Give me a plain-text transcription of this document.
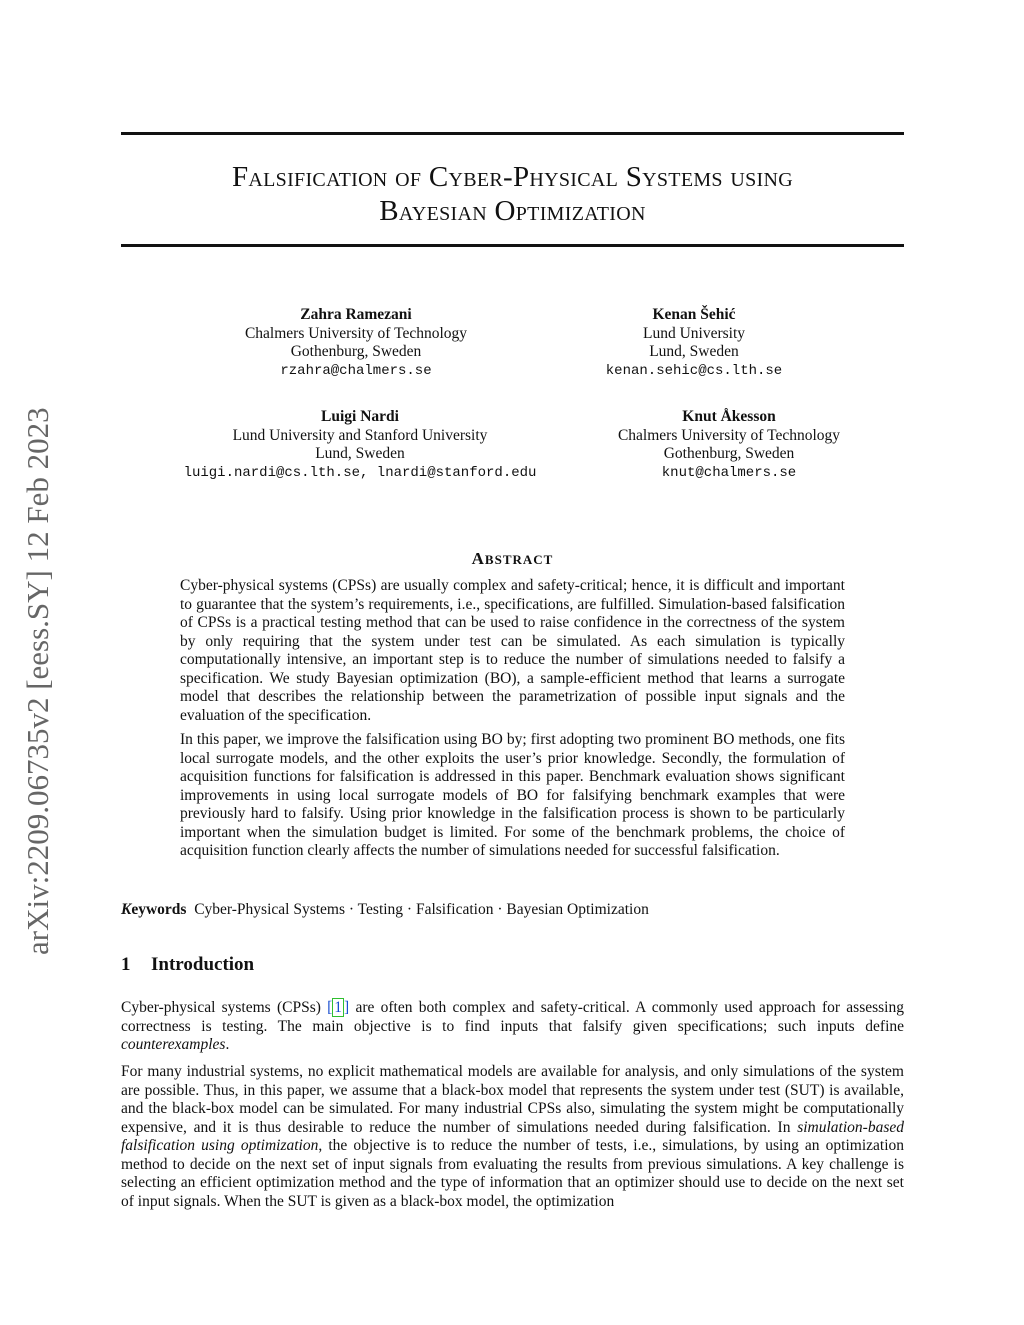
arXiv:2209.06735v2 [eess.SY] 12 Feb 2023
Falsification of Cyber-Physical Systems using
Bayesian Optimization
Zahra Ramezani
Chalmers University of Technology
Gothenburg, Sweden
rzahra@chalmers.se
Kenan Šehić
Lund University
Lund, Sweden
kenan.sehic@cs.lth.se
Luigi Nardi
Lund University and Stanford University
Lund, Sweden
luigi.nardi@cs.lth.se, lnardi@stanford.edu
Knut Åkesson
Chalmers University of Technology
Gothenburg, Sweden
knut@chalmers.se
ABSTRACT

Cyber-physical systems (CPSs) are usually complex and safety-critical; hence, it is difficult and important to guarantee that the system’s requirements, i.e., specifications, are fulfilled. Simulation-based falsification of CPSs is a practical testing method that can be used to raise confidence in the correctness of the system by only requiring that the system under test can be simulated. As each simulation is typically computationally intensive, an important step is to reduce the number of simulations needed to falsify a specification. We study Bayesian optimization (BO), a sample-efficient method that learns a surrogate model that describes the relationship between the parametrization of possible input signals and the evaluation of the specification.

In this paper, we improve the falsification using BO by; first adopting two prominent BO methods, one fits local surrogate models, and the other exploits the user’s prior knowledge. Secondly, the formulation of acquisition functions for falsification is addressed in this paper. Benchmark evaluation shows significant improvements in using local surrogate models of BO for falsifying benchmark examples that were previously hard to falsify. Using prior knowledge in the falsification process is shown to be particularly important when the simulation budget is limited. For some of the benchmark problems, the choice of acquisition function clearly affects the number of simulations needed for successful falsification.

Keywords Cyber-Physical Systems · Testing · Falsification · Bayesian Optimization
1 Introduction

Cyber-physical systems (CPSs) [ 1 ] are often both complex and safety-critical. A commonly used approach for assessing correctness is testing. The main objective is to find inputs that falsify given specifications; such inputs define counterexamples.

For many industrial systems, no explicit mathematical models are available for analysis, and only simulations of the system are possible. Thus, in this paper, we assume that a black-box model that represents the system under test (SUT) is available, and the black-box model can be simulated. For many industrial CPSs also, simulating the system might be computationally expensive, and it is thus desirable to reduce the number of simulations needed during falsification. In simulation-based falsification using optimization, the objective is to reduce the number of tests, i.e., simulations, by using an optimization method to decide on the next set of input signals from evaluating the results from previous simulations. A key challenge is selecting an efficient optimization method and the type of information that an optimizer should use to decide on the next set of input signals. When the SUT is given as a black-box model, the optimization
